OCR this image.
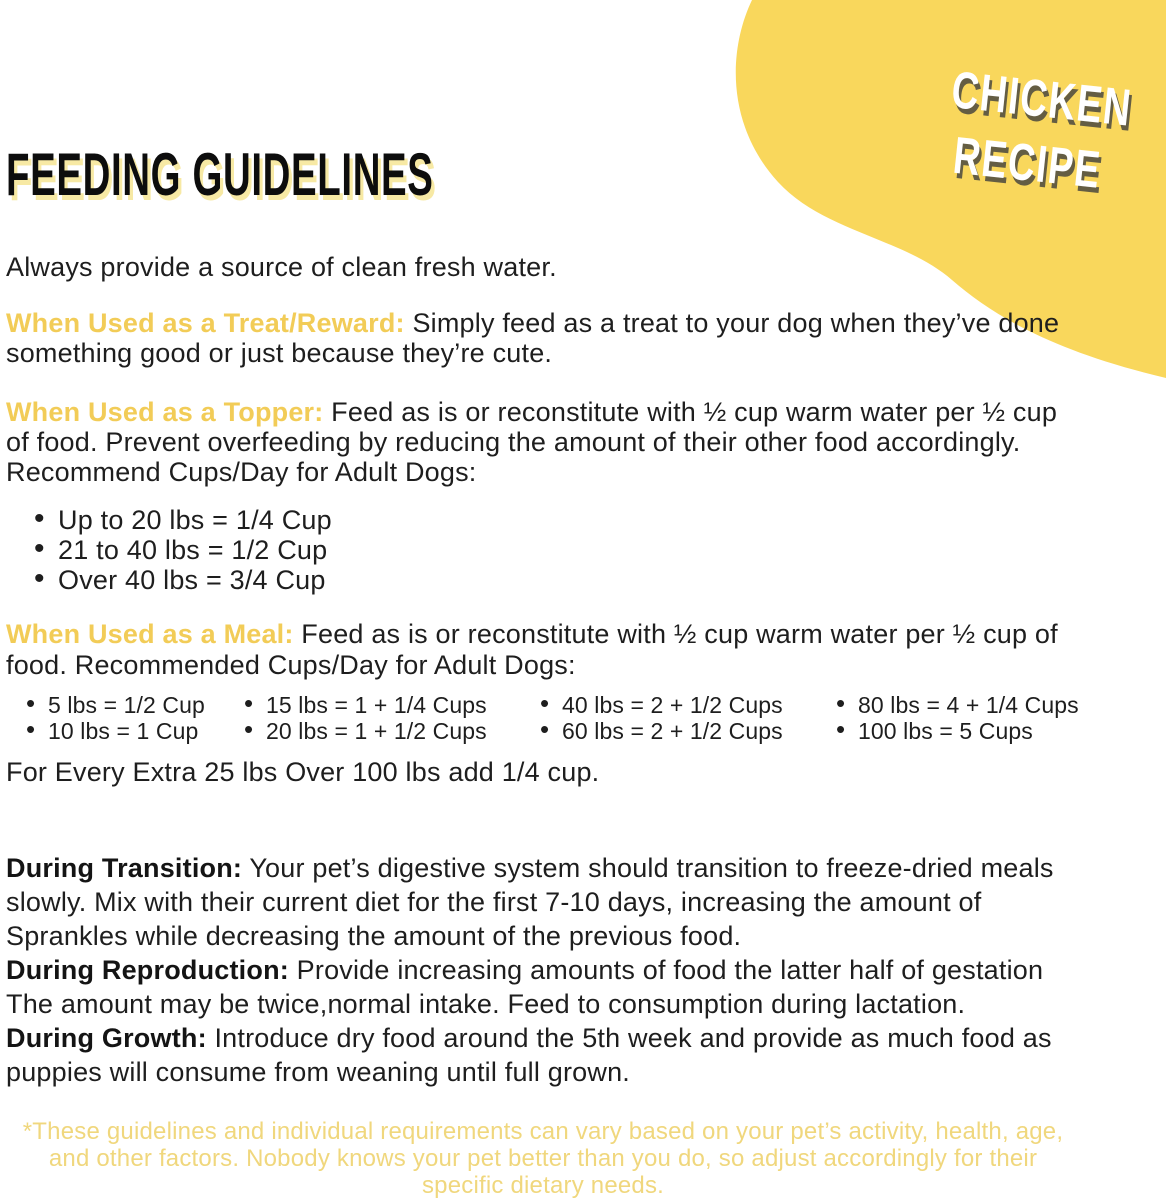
CHICKEN
RECIPE
FEEDING GUIDELINES

Always provide a source of clean fresh water.

When Used as a Treat/Reward: Simply feed as a treat to your dog when they’ve done something good or just because they’re cute.

When Used as a Topper: Feed as is or reconstitute with ½ cup warm water per ½ cup of food. Prevent overfeeding by reducing the amount of their other food accordingly. Recommend Cups/Day for Adult Dogs:

• Up to 20 lbs = 1/4 Cup
• 21 to 40 lbs = 1/2 Cup
• Over 40 lbs = 3/4 Cup

When Used as a Meal: Feed as is or reconstitute with ½ cup warm water per ½ cup of food. Recommended Cups/Day for Adult Dogs:

• 5 lbs = 1/2 Cup
• 10 lbs = 1 Cup
• 15 lbs = 1 + 1/4 Cups
• 20 lbs = 1 + 1/2 Cups
• 40 lbs = 2 + 1/2 Cups
• 60 lbs = 2 + 1/2 Cups
• 80 lbs = 4 + 1/4 Cups
• 100 lbs = 5 Cups

For Every Extra 25 lbs Over 100 lbs add 1/4 cup.

During Transition: Your pet’s digestive system should transition to freeze-dried meals slowly. Mix with their current diet for the first 7-10 days, increasing the amount of Sprankles while decreasing the amount of the previous food.

During Reproduction: Provide increasing amounts of food the latter half of gestation The amount may be twice,normal intake. Feed to consumption during lactation.

During Growth: Introduce dry food around the 5th week and provide as much food as puppies will consume from weaning until full grown.

*These guidelines and individual requirements can vary based on your pet’s activity, health, age, and other factors. Nobody knows your pet better than you do, so adjust accordingly for their specific dietary needs.
